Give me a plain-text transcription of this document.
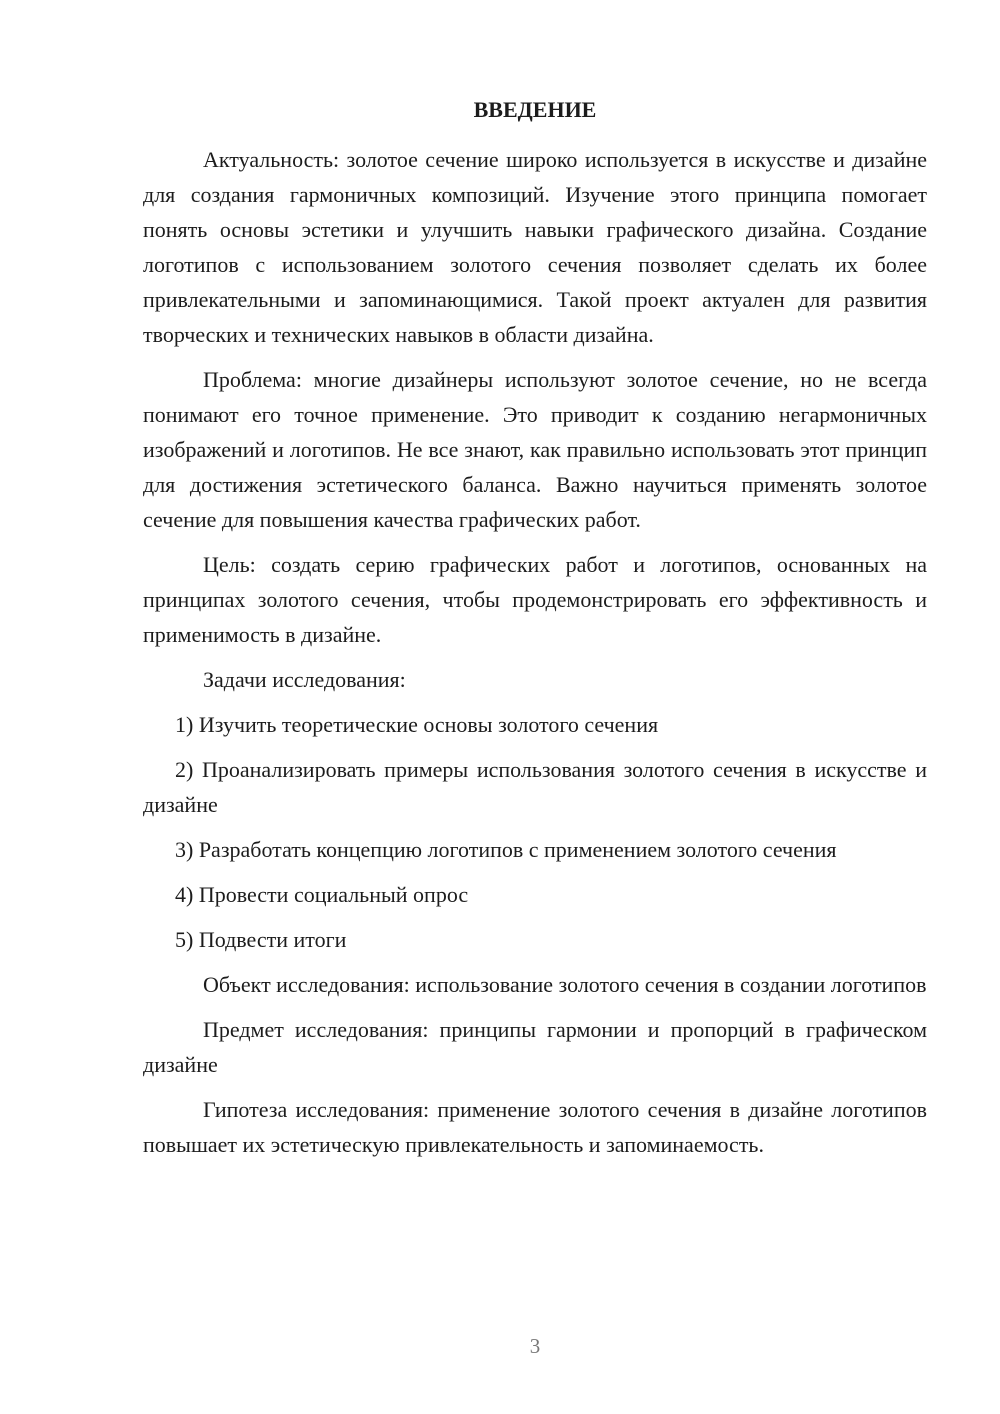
ВВЕДЕНИЕ

Актуальность: золотое сечение широко используется в искусстве и дизайне для создания гармоничных композиций. Изучение этого принципа помогает понять основы эстетики и улучшить навыки графического дизайна. Создание логотипов с использованием золотого сечения позволяет сделать их более привлекательными и запоминающимися. Такой проект актуален для развития творческих и технических навыков в области дизайна.

Проблема: многие дизайнеры используют золотое сечение, но не всегда понимают его точное применение. Это приводит к созданию негармоничных изображений и логотипов. Не все знают, как правильно использовать этот принцип для достижения эстетического баланса. Важно научиться применять золотое сечение для повышения качества графических работ.

Цель: создать серию графических работ и логотипов, основанных на принципах золотого сечения, чтобы продемонстрировать его эффективность и применимость в дизайне.

Задачи исследования:

1) Изучить теоретические основы золотого сечения

2) Проанализировать примеры использования золотого сечения в искусстве и дизайне

3) Разработать концепцию логотипов с применением золотого сечения

4) Провести социальный опрос

5) Подвести итоги

Объект исследования: использование золотого сечения в создании логотипов

Предмет исследования: принципы гармонии и пропорций в графическом дизайне

Гипотеза исследования: применение золотого сечения в дизайне логотипов повышает их эстетическую привлекательность и запоминаемость.

3
